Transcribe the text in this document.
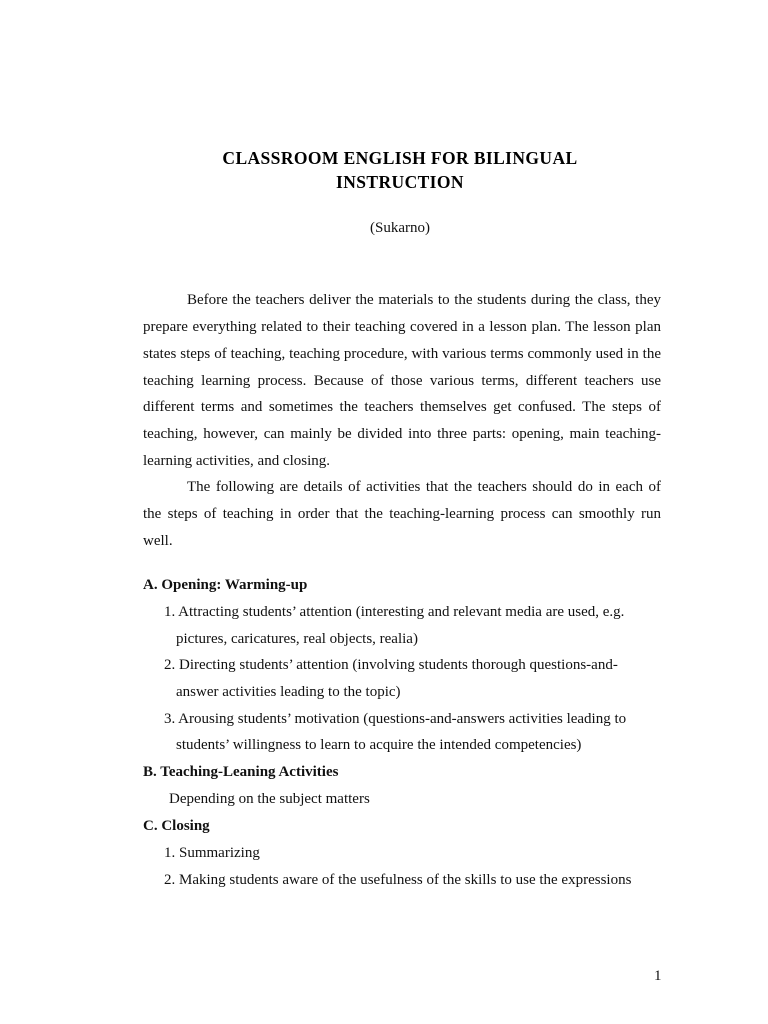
CLASSROOM ENGLISH FOR BILINGUAL
INSTRUCTION
(Sukarno)
Before the teachers deliver the materials to the students during the class, they
prepare everything related to their teaching covered in a lesson plan. The lesson plan
states steps of teaching, teaching procedure, with various terms commonly used in the
teaching learning process. Because of those various terms, different teachers use
different terms and sometimes the teachers themselves get confused. The steps of
teaching, however, can mainly be divided into three parts: opening, main teaching-
learning activities, and closing.
The following are details of activities that the teachers should do in each of
the steps of teaching in order that the teaching-learning process can smoothly run
well.
A. Opening: Warming-up
1. Attracting students’ attention (interesting and relevant media are used, e.g.
pictures, caricatures, real objects, realia)
2. Directing students’ attention (involving students thorough questions-and-
answer activities leading to the topic)
3. Arousing students’ motivation (questions-and-answers activities leading to
students’ willingness to learn to acquire the intended competencies)
B. Teaching-Leaning Activities
Depending on the subject matters
C. Closing
1. Summarizing
2. Making students aware of the usefulness of the skills to use the expressions
1
